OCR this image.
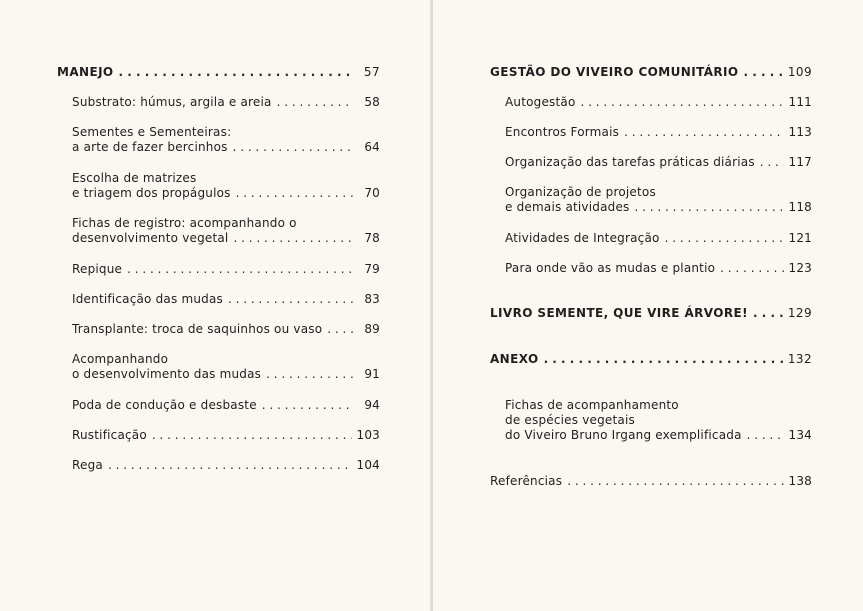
MANEJO . . .	57
Substrato: húmus, argila e areia . . .	58
Sementes e Sementeiras:
a arte de fazer bercinhos . . .	64
Escolha de matrizes
e triagem dos propágulos . . .	70
Fichas de registro: acompanhando o
desenvolvimento vegetal . . .	78
Repique . . .	79
Identificação das mudas . . .	83
Transplante: troca de saquinhos ou vaso . . .	89
Acompanhando
o desenvolvimento das mudas . . .	91
Poda de condução e desbaste . . .	94
Rustificação . . .	103
Rega . . .	104
GESTÃO DO VIVEIRO COMUNITÁRIO . . .	109
Autogestão . . .	111
Encontros Formais . . .	113
Organização das tarefas práticas diárias . . .	117
Organização de projetos
e demais atividades . . .	118
Atividades de Integração . . .	121
Para onde vão as mudas e plantio . . .	123
LIVRO SEMENTE, QUE VIRE ÁRVORE! . . .	129
ANEXO . . .	132
Fichas de acompanhamento
de espécies vegetais
do Viveiro Bruno Irgang exemplificada . . .	134
Referências . . .	138
